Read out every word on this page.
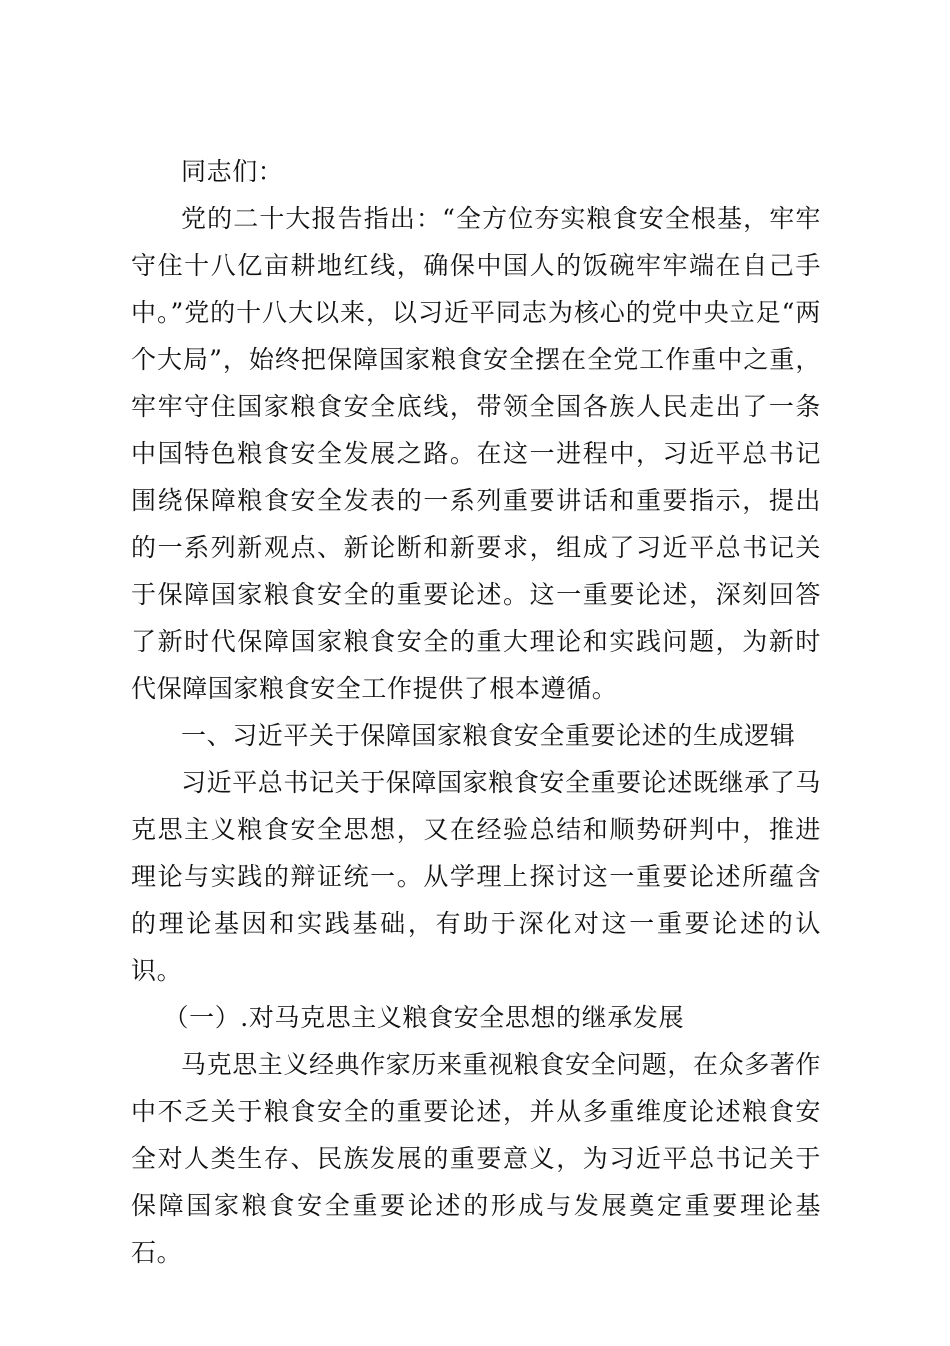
同志们：

党的二十大报告指出：“全方位夯实粮食安全根基，牢牢守住十八亿亩耕地红线，确保中国人的饭碗牢牢端在自己手中。”党的十八大以来，以习近平同志为核心的党中央立足“两个大局”，始终把保障国家粮食安全摆在全党工作重中之重，牢牢守住国家粮食安全底线，带领全国各族人民走出了一条中国特色粮食安全发展之路。在这一进程中，习近平总书记围绕保障粮食安全发表的一系列重要讲话和重要指示，提出的一系列新观点、新论断和新要求，组成了习近平总书记关于保障国家粮食安全的重要论述。这一重要论述，深刻回答了新时代保障国家粮食安全的重大理论和实践问题，为新时代保障国家粮食安全工作提供了根本遵循。

一、习近平关于保障国家粮食安全重要论述的生成逻辑

习近平总书记关于保障国家粮食安全重要论述既继承了马克思主义粮食安全思想，又在经验总结和顺势研判中，推进理论与实践的辩证统一。从学理上探讨这一重要论述所蕴含的理论基因和实践基础，有助于深化对这一重要论述的认识。

（一）.对马克思主义粮食安全思想的继承发展

马克思主义经典作家历来重视粮食安全问题，在众多著作中不乏关于粮食安全的重要论述，并从多重维度论述粮食安全对人类生存、民族发展的重要意义，为习近平总书记关于保障国家粮食安全重要论述的形成与发展奠定重要理论基石。
